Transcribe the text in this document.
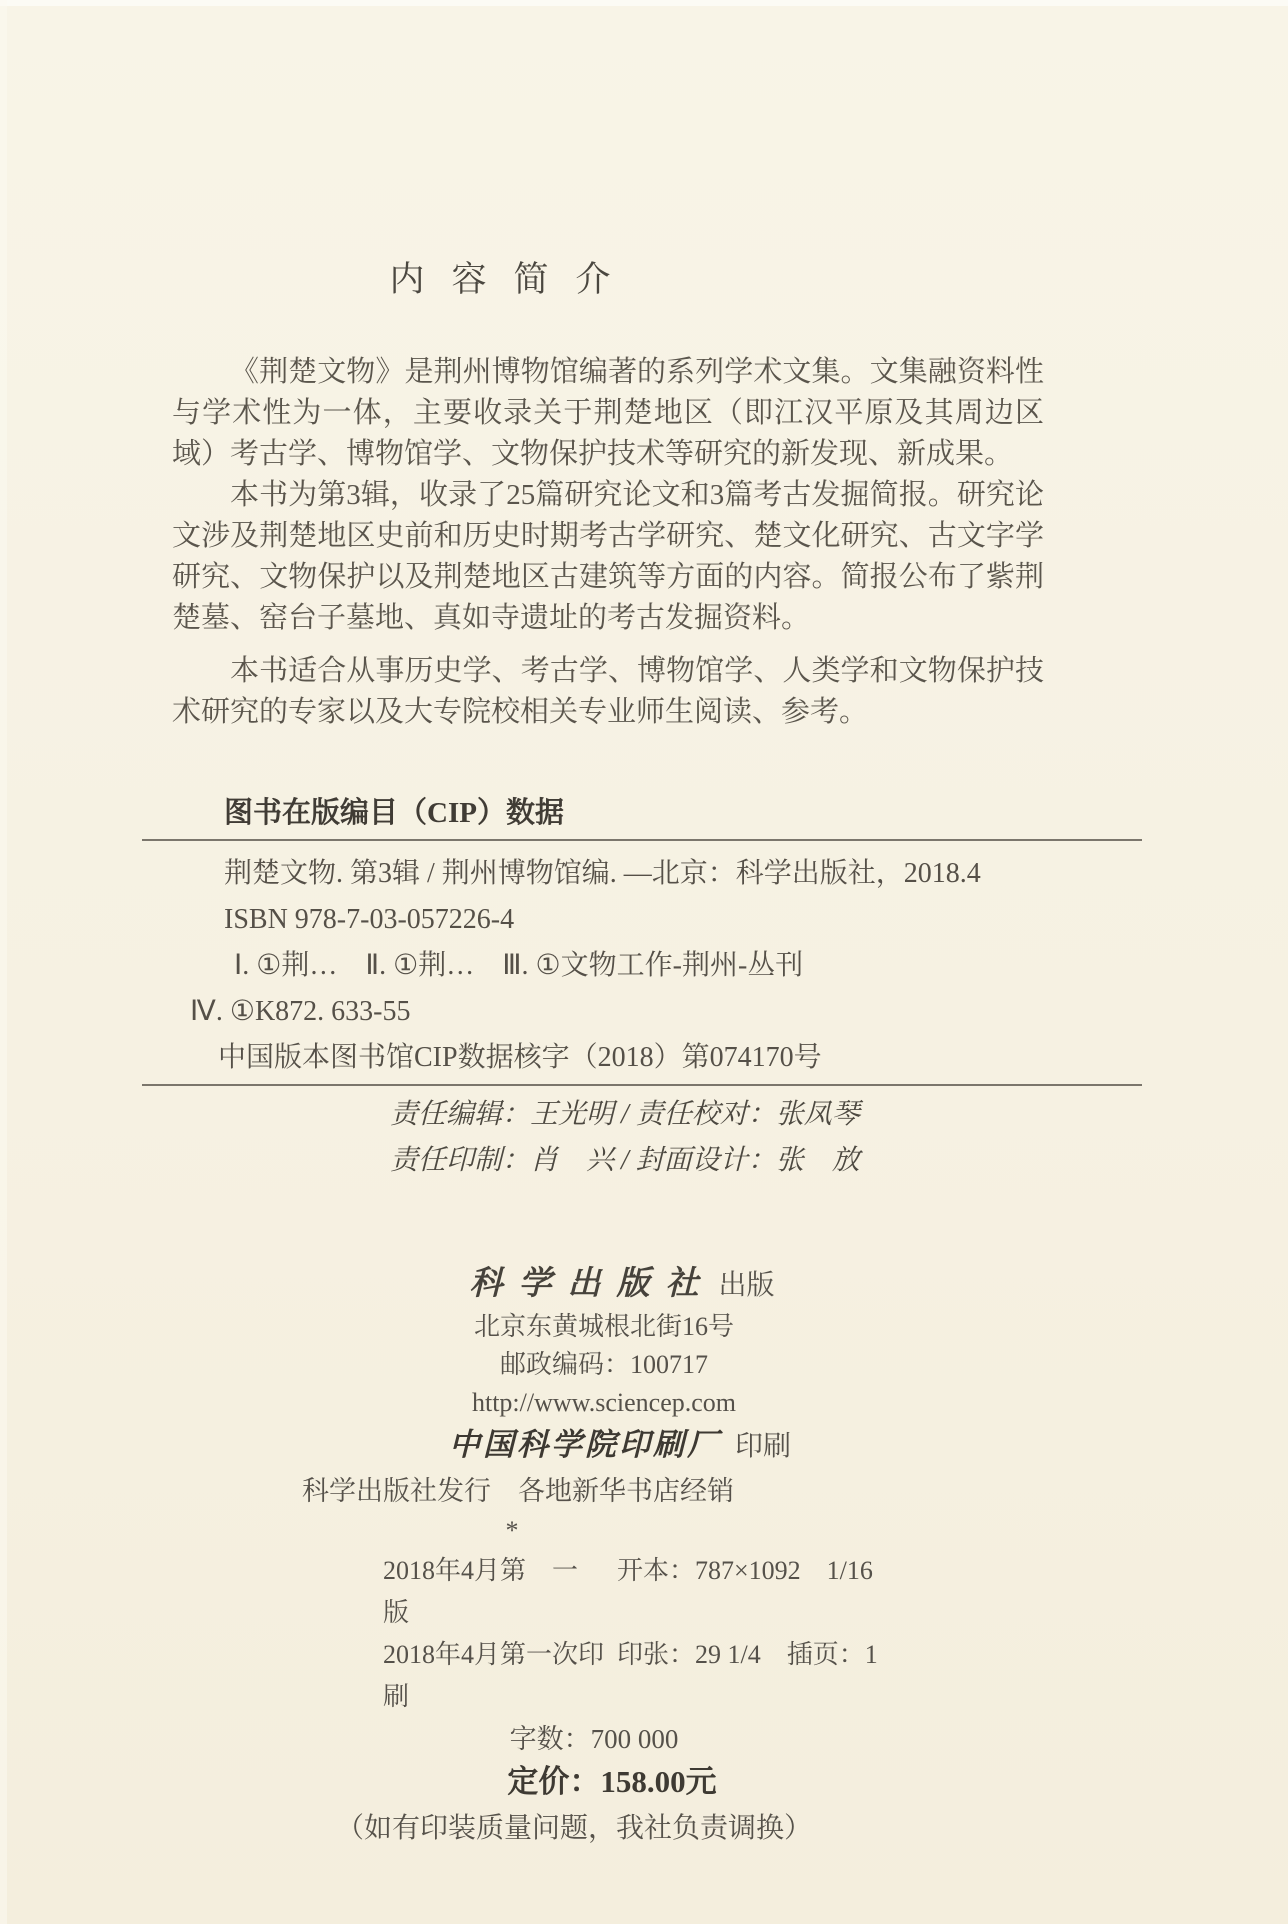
内容简介

《荆楚文物》是荆州博物馆编著的系列学术文集。文集融资料性与学术性为一体，主要收录关于荆楚地区（即江汉平原及其周边区域）考古学、博物馆学、文物保护技术等研究的新发现、新成果。

本书为第3辑，收录了25篇研究论文和3篇考古发掘简报。研究论文涉及荆楚地区史前和历史时期考古学研究、楚文化研究、古文字学研究、文物保护以及荆楚地区古建筑等方面的内容。简报公布了紫荆楚墓、窑台子墓地、真如寺遗址的考古发掘资料。

本书适合从事历史学、考古学、博物馆学、人类学和文物保护技术研究的专家以及大专院校相关专业师生阅读、参考。

图书在版编目（CIP）数据
荆楚文物. 第3辑 / 荆州博物馆编. —北京：科学出版社，2018.4
ISBN 978-7-03-057226-4
Ⅰ. ①荆…　Ⅱ. ①荆…　Ⅲ. ①文物工作-荆州-丛刊
Ⅳ. ①K872. 633-55
中国版本图书馆CIP数据核字（2018）第074170号
责任编辑：王光明 / 责任校对：张凤琴
责任印制：肖　兴 / 封面设计：张　放
科学出版社 出版
北京东黄城根北街16号
邮政编码：100717
http://www.sciencep.com
中国科学院印刷厂 印刷
科学出版社发行　各地新华书店经销
*
2018年4月第　一　版
开本：787×1092　1/16
2018年4月第一次印刷
印张：29 1/4　插页：1
字数：700 000
定价：158.00元
（如有印装质量问题，我社负责调换）
